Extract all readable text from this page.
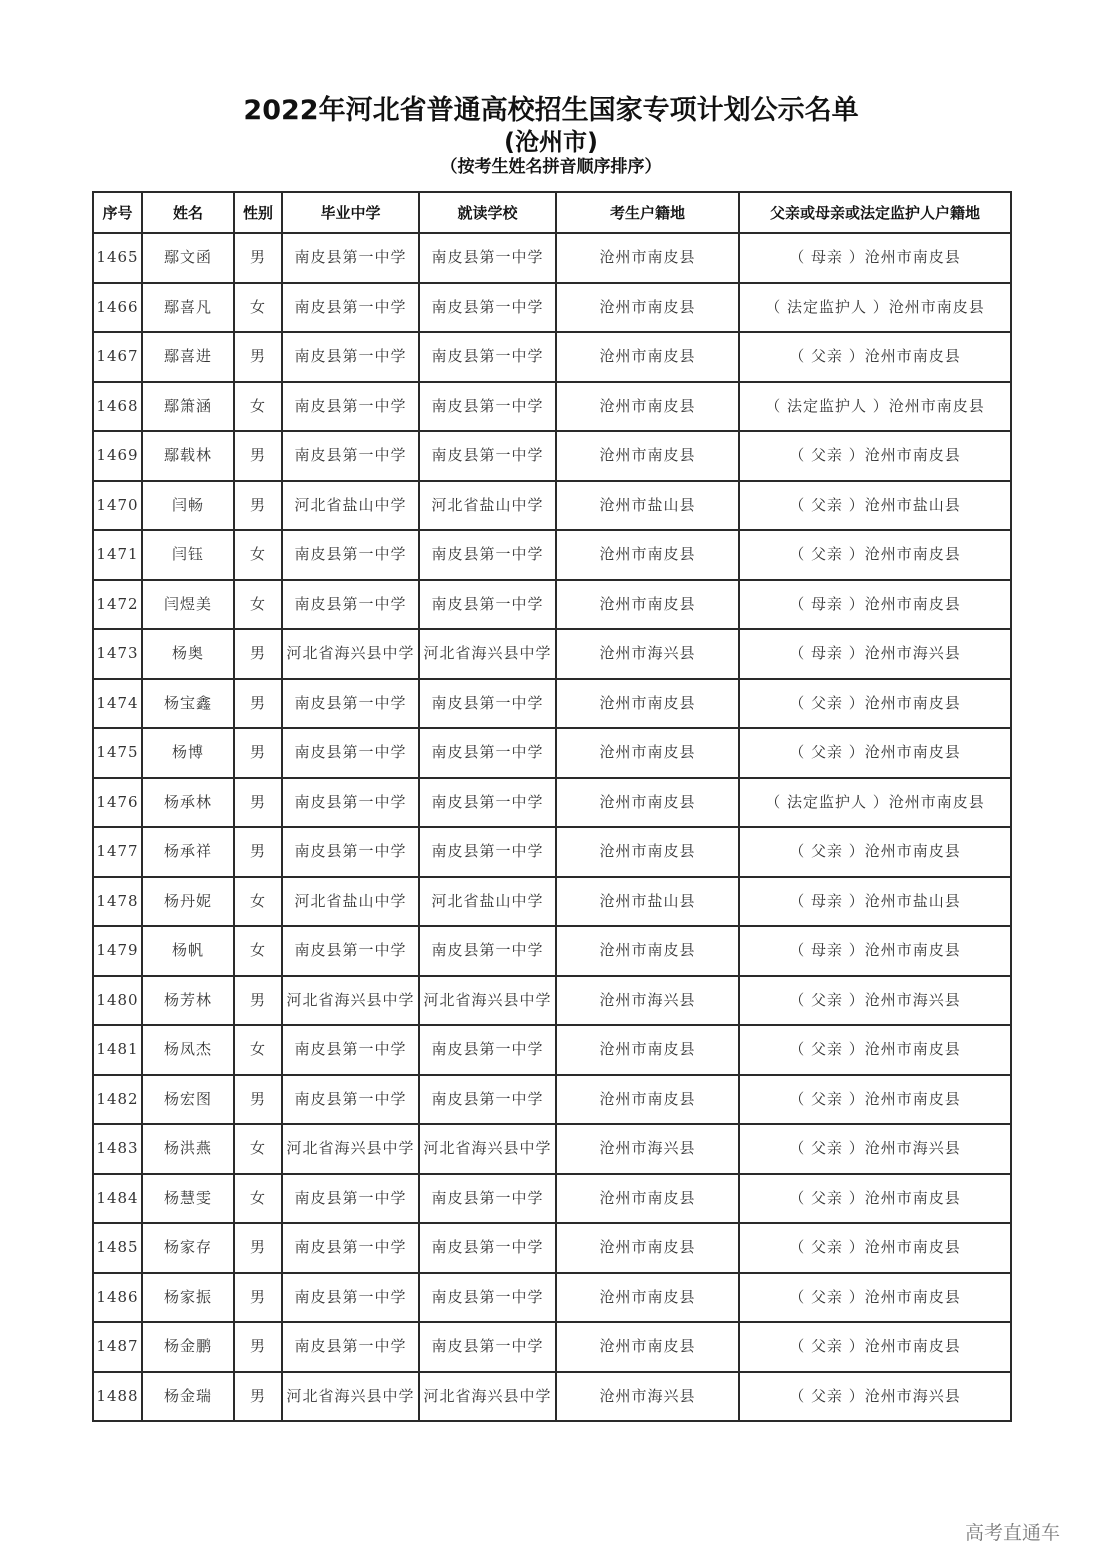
2022年河北省普通高校招生国家专项计划公示名单
(沧州市)
（按考生姓名拼音顺序排序）
序号	姓名	性别	毕业中学	就读学校	考生户籍地	父亲或母亲或法定监护人户籍地
1465	鄢文函	男	南皮县第一中学	南皮县第一中学	沧州市南皮县	（ 母亲 ）沧州市南皮县
1466	鄢喜凡	女	南皮县第一中学	南皮县第一中学	沧州市南皮县	（ 法定监护人 ）沧州市南皮县
1467	鄢喜进	男	南皮县第一中学	南皮县第一中学	沧州市南皮县	（ 父亲 ）沧州市南皮县
1468	鄢箫涵	女	南皮县第一中学	南皮县第一中学	沧州市南皮县	（ 法定监护人 ）沧州市南皮县
1469	鄢载林	男	南皮县第一中学	南皮县第一中学	沧州市南皮县	（ 父亲 ）沧州市南皮县
1470	闫畅	男	河北省盐山中学	河北省盐山中学	沧州市盐山县	（ 父亲 ）沧州市盐山县
1471	闫钰	女	南皮县第一中学	南皮县第一中学	沧州市南皮县	（ 父亲 ）沧州市南皮县
1472	闫煜美	女	南皮县第一中学	南皮县第一中学	沧州市南皮县	（ 母亲 ）沧州市南皮县
1473	杨奥	男	河北省海兴县中学	河北省海兴县中学	沧州市海兴县	（ 母亲 ）沧州市海兴县
1474	杨宝鑫	男	南皮县第一中学	南皮县第一中学	沧州市南皮县	（ 父亲 ）沧州市南皮县
1475	杨博	男	南皮县第一中学	南皮县第一中学	沧州市南皮县	（ 父亲 ）沧州市南皮县
1476	杨承林	男	南皮县第一中学	南皮县第一中学	沧州市南皮县	（ 法定监护人 ）沧州市南皮县
1477	杨承祥	男	南皮县第一中学	南皮县第一中学	沧州市南皮县	（ 父亲 ）沧州市南皮县
1478	杨丹妮	女	河北省盐山中学	河北省盐山中学	沧州市盐山县	（ 母亲 ）沧州市盐山县
1479	杨帆	女	南皮县第一中学	南皮县第一中学	沧州市南皮县	（ 母亲 ）沧州市南皮县
1480	杨芳林	男	河北省海兴县中学	河北省海兴县中学	沧州市海兴县	（ 父亲 ）沧州市海兴县
1481	杨凤杰	女	南皮县第一中学	南皮县第一中学	沧州市南皮县	（ 父亲 ）沧州市南皮县
1482	杨宏图	男	南皮县第一中学	南皮县第一中学	沧州市南皮县	（ 父亲 ）沧州市南皮县
1483	杨洪燕	女	河北省海兴县中学	河北省海兴县中学	沧州市海兴县	（ 父亲 ）沧州市海兴县
1484	杨慧雯	女	南皮县第一中学	南皮县第一中学	沧州市南皮县	（ 父亲 ）沧州市南皮县
1485	杨家存	男	南皮县第一中学	南皮县第一中学	沧州市南皮县	（ 父亲 ）沧州市南皮县
1486	杨家振	男	南皮县第一中学	南皮县第一中学	沧州市南皮县	（ 父亲 ）沧州市南皮县
1487	杨金鹏	男	南皮县第一中学	南皮县第一中学	沧州市南皮县	（ 父亲 ）沧州市南皮县
1488	杨金瑞	男	河北省海兴县中学	河北省海兴县中学	沧州市海兴县	（ 父亲 ）沧州市海兴县
高考直通车
